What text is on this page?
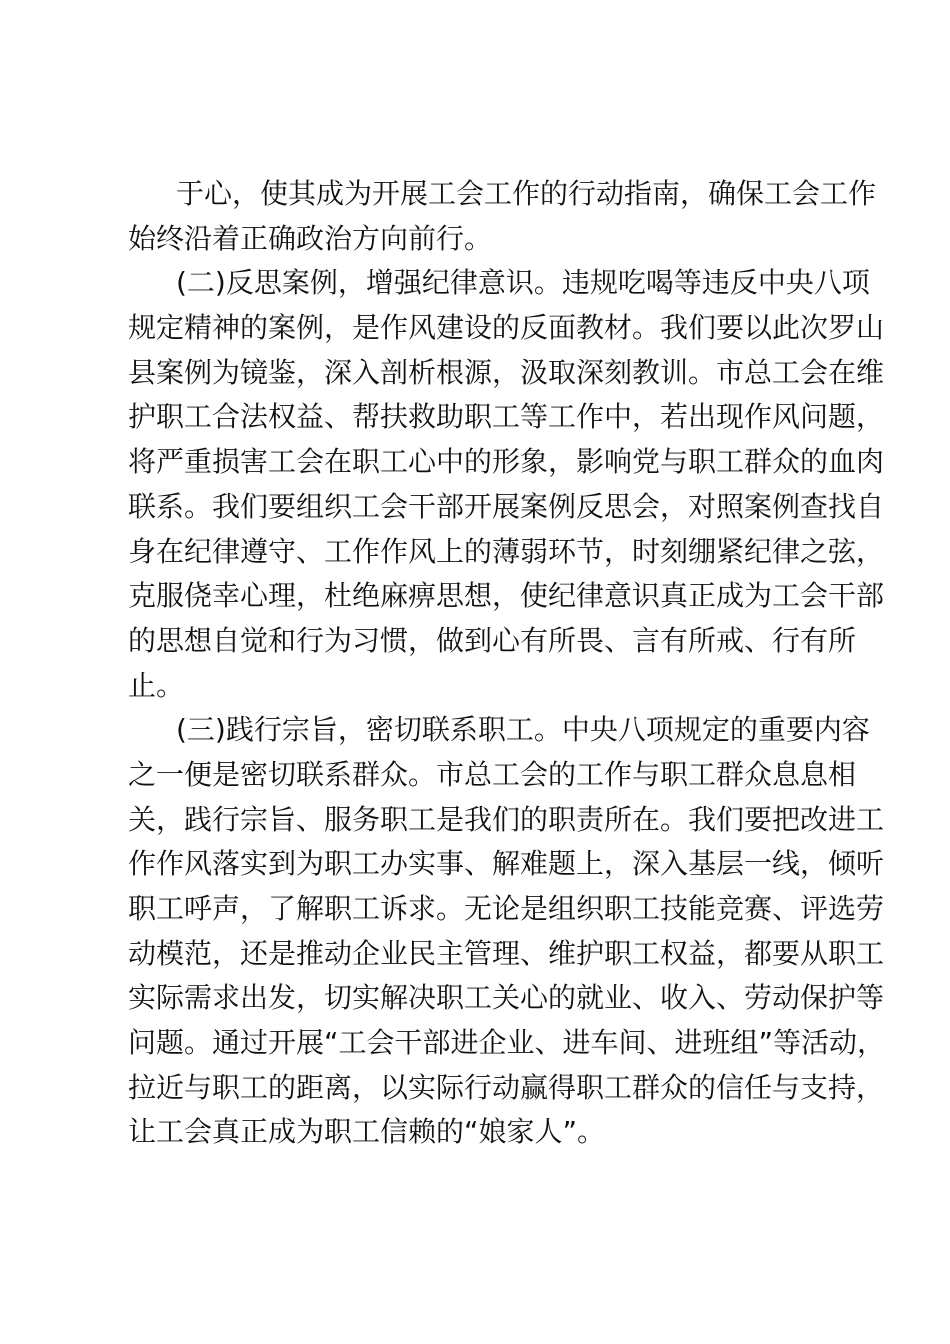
于心，使其成为开展工会工作的行动指南，确保工会工作
始终沿着正确政治方向前行。
(二)反思案例，增强纪律意识。违规吃喝等违反中央八项
规定精神的案例，是作风建设的反面教材。我们要以此次罗山
县案例为镜鉴，深入剖析根源，汲取深刻教训。市总工会在维
护职工合法权益、帮扶救助职工等工作中，若出现作风问题，
将严重损害工会在职工心中的形象，影响党与职工群众的血肉
联系。我们要组织工会干部开展案例反思会，对照案例查找自
身在纪律遵守、工作作风上的薄弱环节，时刻绷紧纪律之弦，
克服侥幸心理，杜绝麻痹思想，使纪律意识真正成为工会干部
的思想自觉和行为习惯，做到心有所畏、言有所戒、行有所
止。
(三)践行宗旨，密切联系职工。中央八项规定的重要内容
之一便是密切联系群众。市总工会的工作与职工群众息息相
关，践行宗旨、服务职工是我们的职责所在。我们要把改进工
作作风落实到为职工办实事、解难题上，深入基层一线，倾听
职工呼声，了解职工诉求。无论是组织职工技能竞赛、评选劳
动模范，还是推动企业民主管理、维护职工权益，都要从职工
实际需求出发，切实解决职工关心的就业、收入、劳动保护等
问题。通过开展“工会干部进企业、进车间、进班组”等活动，
拉近与职工的距离，以实际行动赢得职工群众的信任与支持，
让工会真正成为职工信赖的“娘家人”。
